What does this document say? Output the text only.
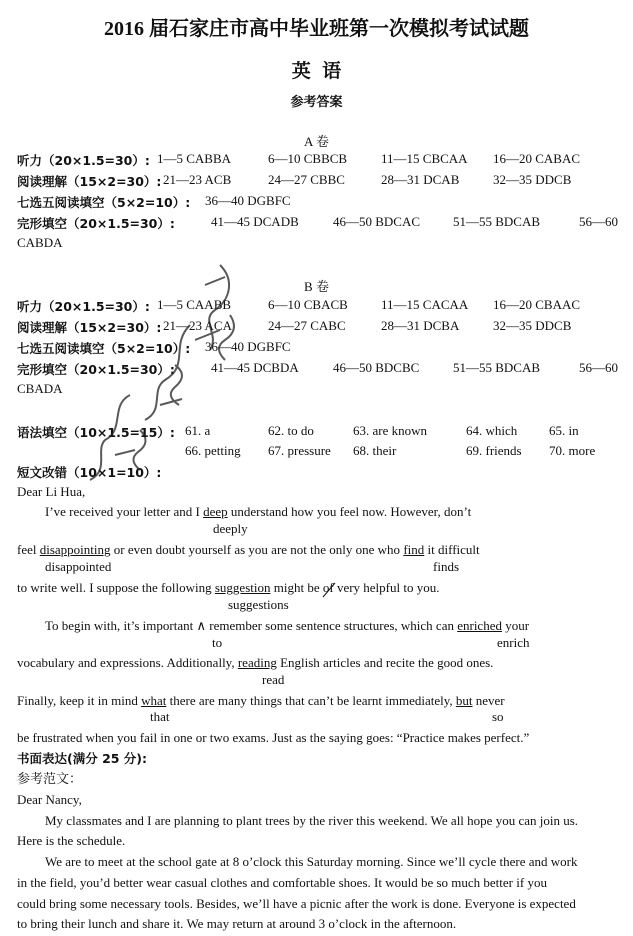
2016 届石家庄市高中毕业班第一次模拟考试试题
英语
参考答案
A 卷
听力（20×1.5=30）: 1—5 CABBA	6—10 CBBCB	11—15 CBCAA 16—20 CABAC
阅读理解（15×2=30）: 21—23 ACB	24—27 CBBC	28—31 DCAB	32—35 DDCB
七选五阅读填空（5×2=10）: 36—40 DGBFC
完形填空（20×1.5=30）:	41—45 DCADB	46—50 BDCAC	51—55 BDCAB	56—60
CABDA
B 卷
听力（20×1.5=30）: 1—5 CAABB	6—10 CBACB	11—15 CACAA 16—20 CBAAC
阅读理解（15×2=30）: 21—23 ACA	24—27 CABC	28—31 DCBA	32—35 DDCB
七选五阅读填空（5×2=10）: 36—40 DGBFC
完形填空（20×1.5=30）:	41—45 DCBDA	46—50 BDCBC	51—55 BDCAB	56—60
CBADA
语法填空（10×1.5=15）: 61. a	62. to do	63. are known	64. which 65. in
66. petting 67. pressure 68. their	69. friends 70. more
短文改错（10×1=10）:
Dear Li Hua,
I’ve received your letter and I deep understand how you feel now. However, don’t
deeply
feel disappointing or even doubt yourself as you are not the only one who find it difficult
disappointed	finds
to write well. I suppose the following suggestion might be of
very helpful to you.
suggestions
To begin with, it’s important ∧ remember some sentence structures, which can enriched your
to	enrich
vocabulary and expressions. Additionally, reading English articles and recite the good ones.
read
Finally, keep it in mind what there are many things that can’t be learnt immediately, but never
that	so
be frustrated when you fail in one or two exams. Just as the saying goes: “Practice makes perfect.”
书面表达(满分 25 分):
参考范文：
Dear Nancy,
My classmates and I are planning to plant trees by the river this weekend. We all hope you can join us.
Here is the schedule.
We are to meet at the school gate at 8 o’clock this Saturday morning. Since we’ll cycle there and work
in the field, you’d better wear casual clothes and comfortable shoes. It would be so much better if you
could bring some necessary tools. Besides, we’ll have a picnic after the work is done. Everyone is expected
to bring their lunch and share it. We may return at around 3 o’clock in the afternoon.
